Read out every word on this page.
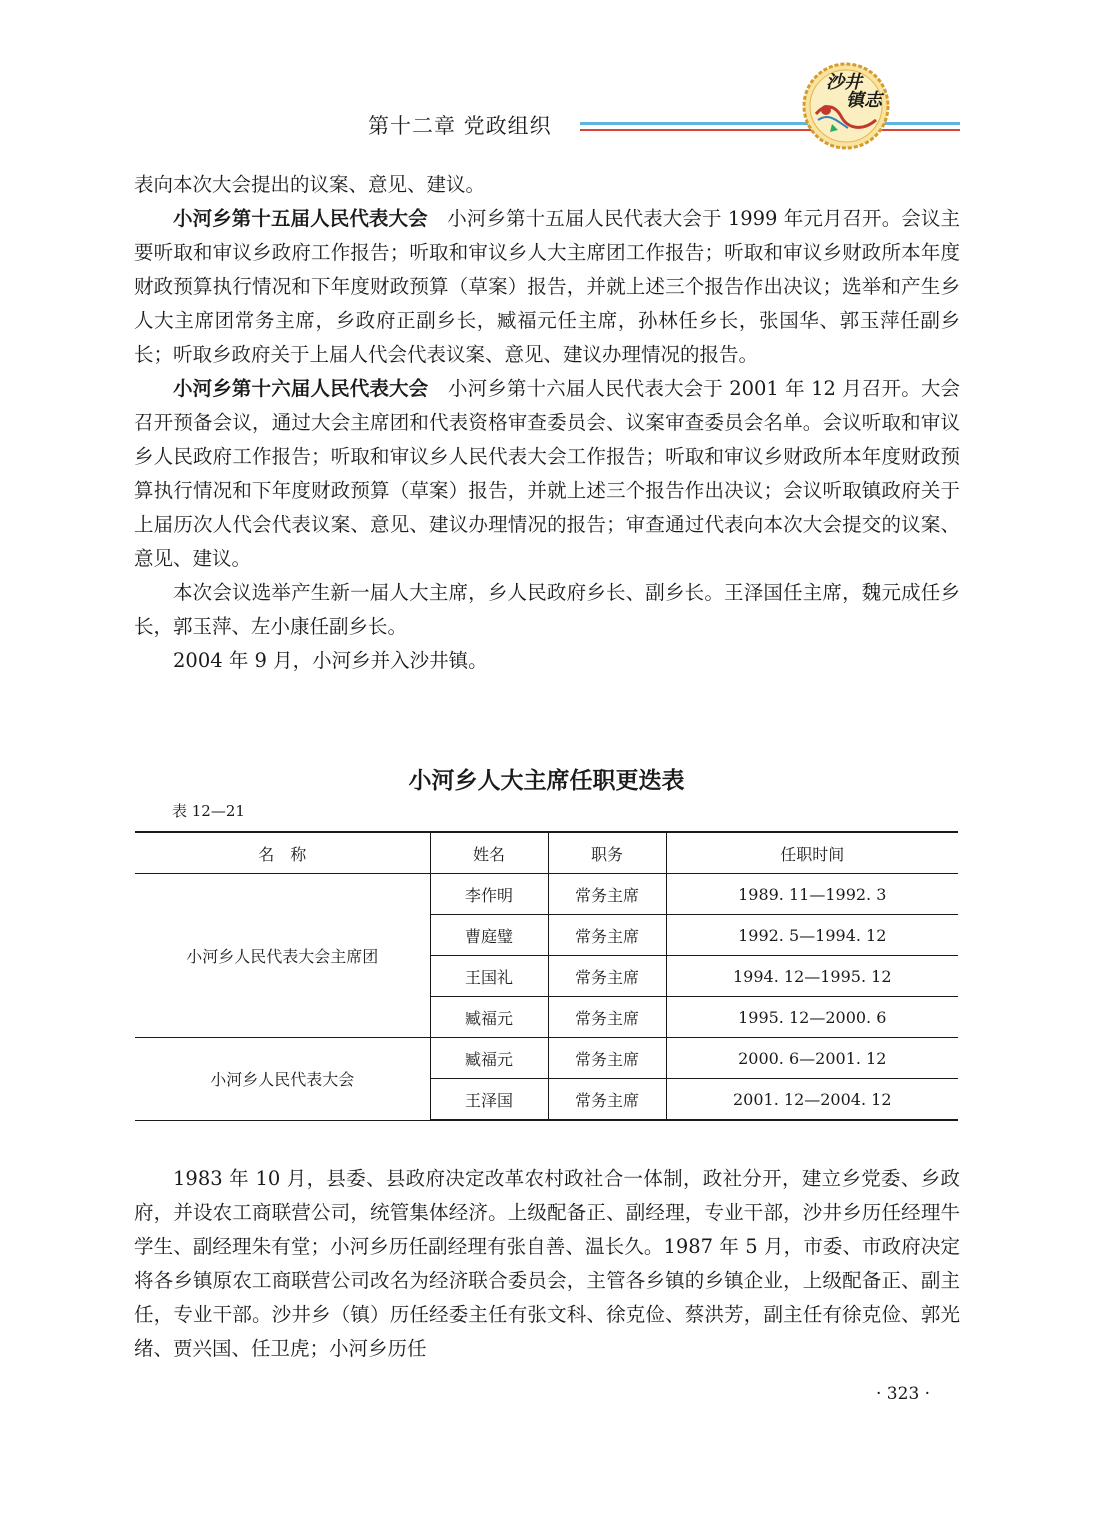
第十二章 党政组织
沙井
镇志

表向本次大会提出的议案、意见、建议。

小河乡第十五届人民代表大会　 小河乡第十五届人民代表大会于 1999 年元月召开。会议主要听取和审议乡政府工作报告；听取和审议乡人大主席团工作报告；听取和审议乡财政所本年度财政预算执行情况和下年度财政预算（草案）报告，并就上述三个报告作出决议；选举和产生乡人大主席团常务主席，乡政府正副乡长，臧福元任主席，孙林任乡长，张国华、郭玉萍任副乡长；听取乡政府关于上届人代会代表议案、意见、建议办理情况的报告。

小河乡第十六届人民代表大会　 小河乡第十六届人民代表大会于 2001 年 12 月召开。大会召开预备会议，通过大会主席团和代表资格审查委员会、议案审查委员会名单。会议听取和审议乡人民政府工作报告；听取和审议乡人民代表大会工作报告；听取和审议乡财政所本年度财政预算执行情况和下年度财政预算（草案）报告，并就上述三个报告作出决议；会议听取镇政府关于上届历次人代会代表议案、意见、建议办理情况的报告；审查通过代表向本次大会提交的议案、意见、建议。

本次会议选举产生新一届人大主席，乡人民政府乡长、副乡长。王泽国任主席，魏元成任乡长，郭玉萍、左小康任副乡长。

2004 年 9 月，小河乡并入沙井镇。

小河乡人大主席任职更迭表
表 12—21
名　称	姓名	职务	任职时间
小河乡人民代表大会主席团	李作明	常务主席	1989. 11—1992. 3
	曹庭璧	常务主席	1992. 5—1994. 12
	王国礼	常务主席	1994. 12—1995. 12
	臧福元	常务主席	1995. 12—2000. 6
小河乡人民代表大会	臧福元	常务主席	2000. 6—2001. 12
	王泽国	常务主席	2001. 12—2004. 12

1983 年 10 月，县委、县政府决定改革农村政社合一体制，政社分开，建立乡党委、乡政府，并设农工商联营公司，统管集体经济。上级配备正、副经理，专业干部，沙井乡历任经理牛学生、副经理朱有堂；小河乡历任副经理有张自善、温长久。1987 年 5 月，市委、市政府决定将各乡镇原农工商联营公司改名为经济联合委员会，主管各乡镇的乡镇企业，上级配备正、副主任，专业干部。沙井乡（镇）历任经委主任有张文科、徐克俭、蔡洪芳，副主任有徐克俭、郭光绪、贾兴国、任卫虎；小河乡历任

· 323 ·
